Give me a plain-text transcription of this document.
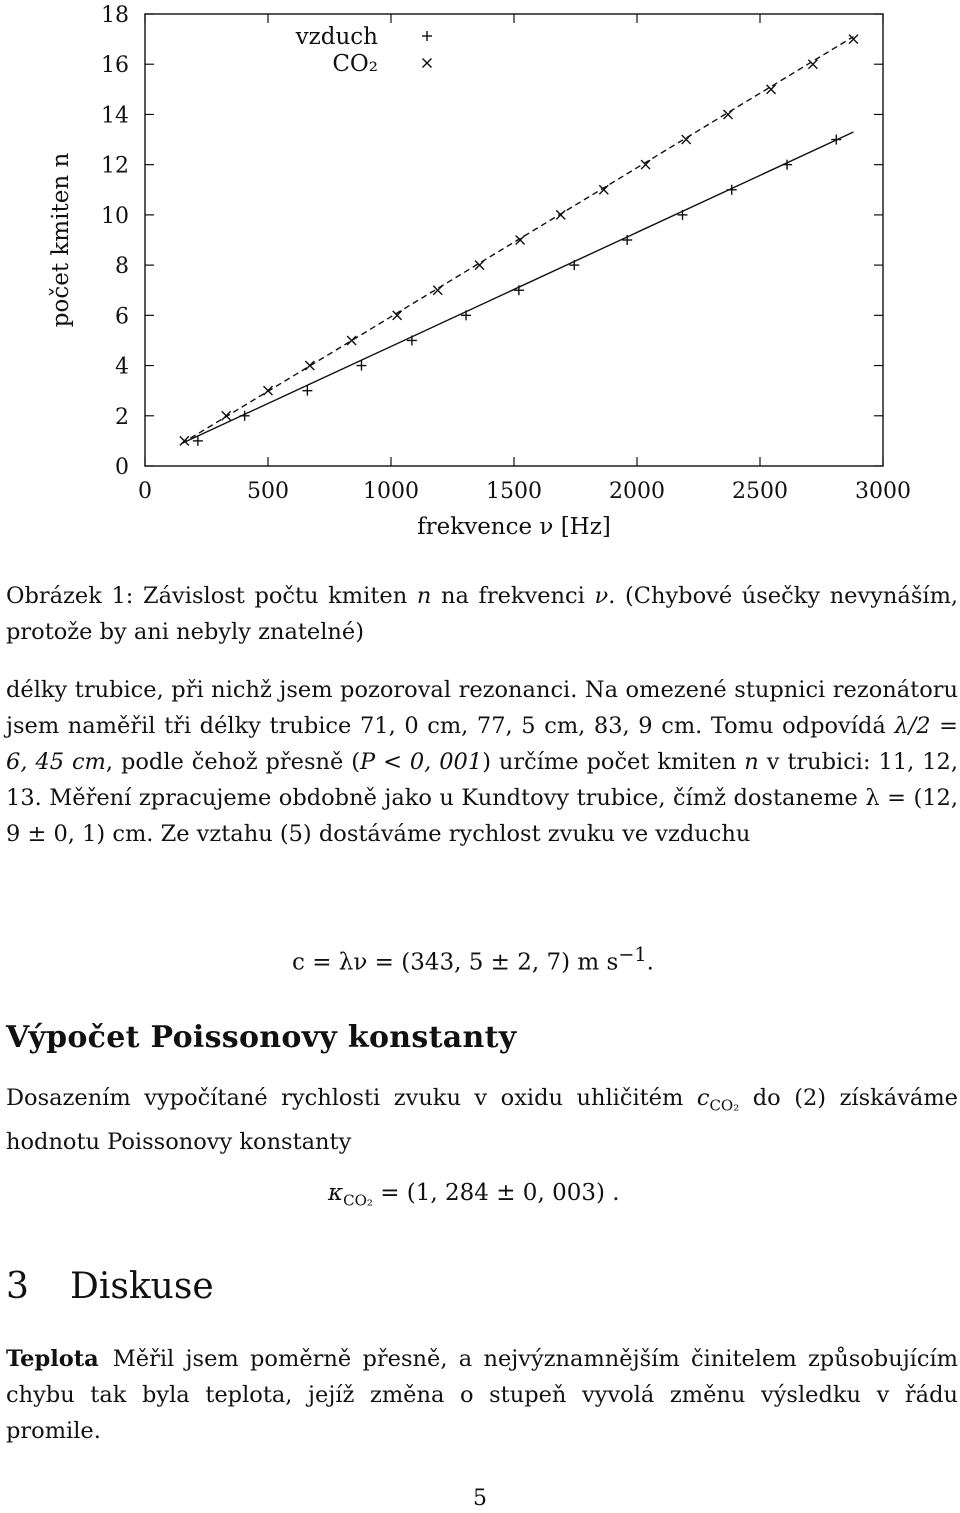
0	500	1000	1500	2000	2500	3000
0
2
4
6
8
10
12
14
16
18
frekvence ν [Hz]
počet kmiten n
vzduch
CO₂
Obrázek 1: Závislost počtu kmiten n na frekvenci ν. (Chybové úsečky nevynáším, protože by ani nebyly znatelné)
délky trubice, při nichž jsem pozoroval rezonanci. Na omezené stupnici rezonátoru jsem naměřil tři délky trubice 71, 0 cm, 77, 5 cm, 83, 9 cm. Tomu odpovídá λ/2 = 6, 45 cm, podle čehož přesně (P < 0, 001) určíme počet kmiten n v trubici: 11, 12, 13. Měření zpracujeme obdobně jako u Kundtovy trubice, čímž dostaneme λ = (12, 9 ± 0, 1) cm. Ze vztahu (5) dostáváme rychlost zvuku ve vzduchu
c = λν = (343, 5 ± 2, 7) m $s^{-1}$.
Výpočet Poissonovy konstanty
Dosazením vypočítané rychlosti zvuku v oxidu uhličitém $c_{CO_2}$ do (2) získáváme hodnotu Poissonovy konstanty
$\kappa_{CO_2} = (1$, 284 ± 0, 003) .
3 Diskuse
Teplota Měřil jsem poměrně přesně, a nejvýznamnějším činitelem způsobujícím chybu tak byla teplota, jejíž změna o stupeň vyvolá změnu výsledku v řádu promile.
5
